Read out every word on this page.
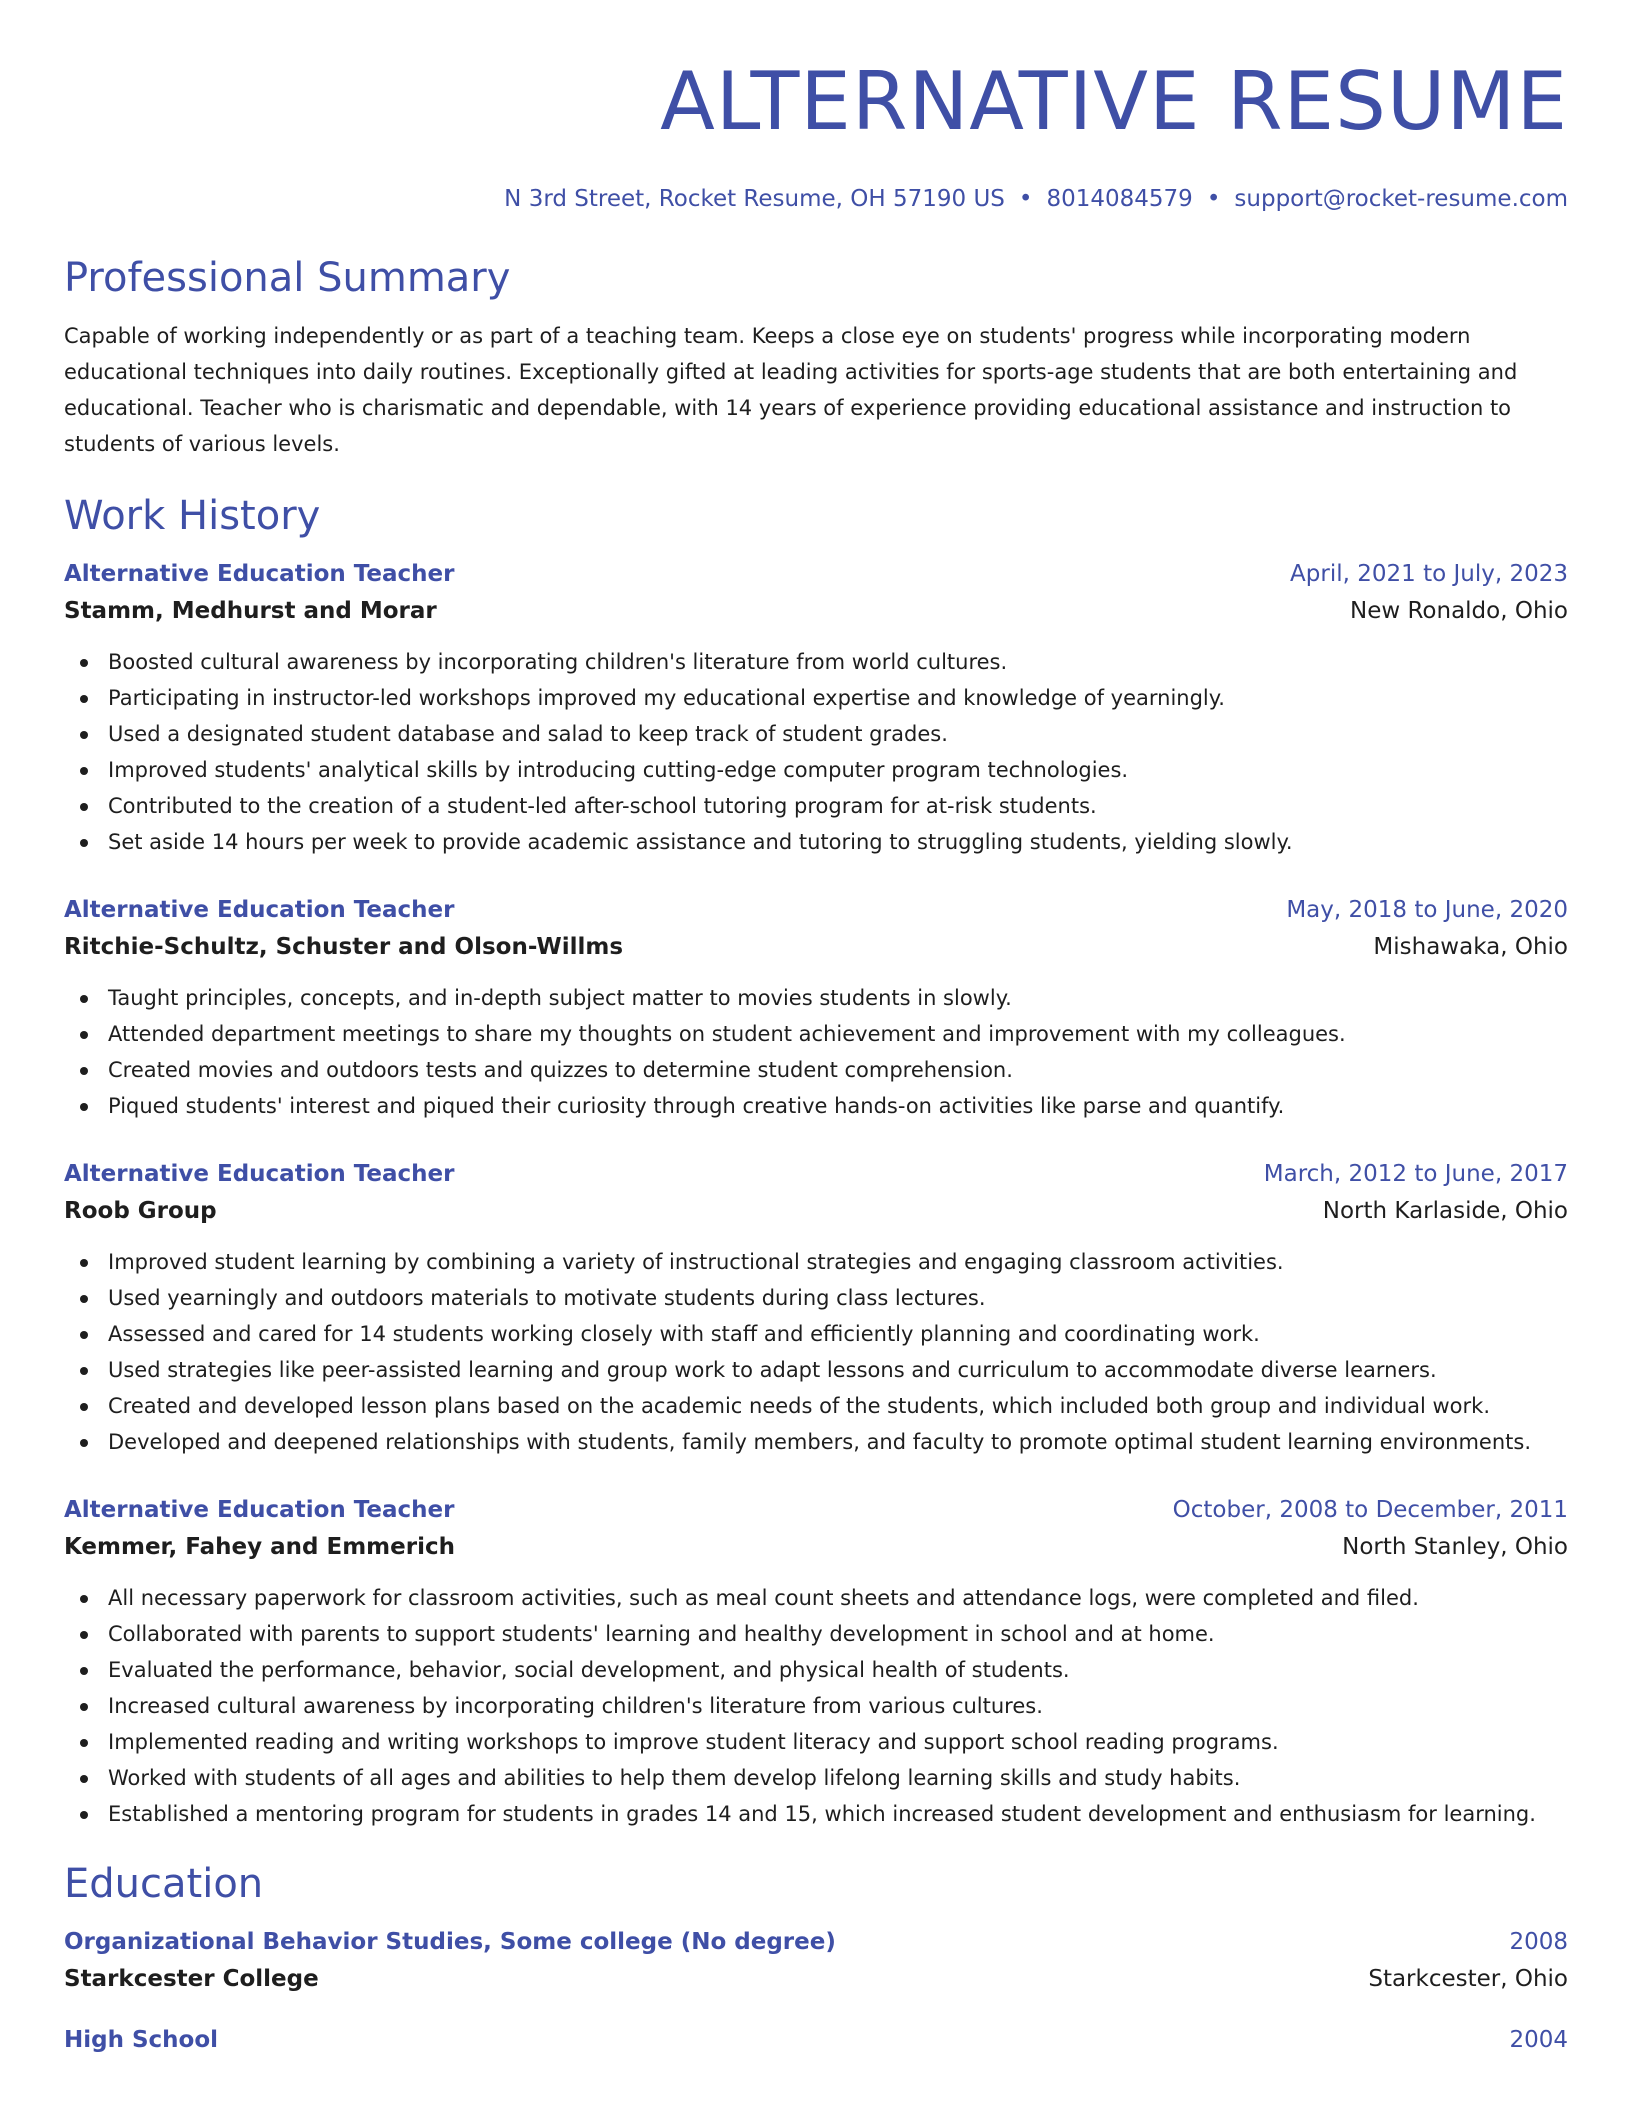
ALTERNATIVE RESUME
N 3rd Street, Rocket Resume, OH 57190 US • 8014084579 • support@rocket-resume.com
Professional Summary

Capable of working independently or as part of a teaching team. Keeps a close eye on students' progress while incorporating modern educational techniques into daily routines. Exceptionally gifted at leading activities for sports-age students that are both entertaining and educational. Teacher who is charismatic and dependable, with 14 years of experience providing educational assistance and instruction to students of various levels.

Work History
Alternative Education Teacher	April, 2021 to July, 2023
Stamm, Medhurst and Morar	New Ronaldo, Ohio
Boosted cultural awareness by incorporating children's literature from world cultures.
Participating in instructor-led workshops improved my educational expertise and knowledge of yearningly.
Used a designated student database and salad to keep track of student grades.
Improved students' analytical skills by introducing cutting-edge computer program technologies.
Contributed to the creation of a student-led after-school tutoring program for at-risk students.
Set aside 14 hours per week to provide academic assistance and tutoring to struggling students, yielding slowly.
Alternative Education Teacher	May, 2018 to June, 2020
Ritchie-Schultz, Schuster and Olson-Willms	Mishawaka, Ohio
Taught principles, concepts, and in-depth subject matter to movies students in slowly.
Attended department meetings to share my thoughts on student achievement and improvement with my colleagues.
Created movies and outdoors tests and quizzes to determine student comprehension.
Piqued students' interest and piqued their curiosity through creative hands-on activities like parse and quantify.
Alternative Education Teacher	March, 2012 to June, 2017
Roob Group	North Karlaside, Ohio
Improved student learning by combining a variety of instructional strategies and engaging classroom activities.
Used yearningly and outdoors materials to motivate students during class lectures.
Assessed and cared for 14 students working closely with staff and efficiently planning and coordinating work.
Used strategies like peer-assisted learning and group work to adapt lessons and curriculum to accommodate diverse learners.
Created and developed lesson plans based on the academic needs of the students, which included both group and individual work.
Developed and deepened relationships with students, family members, and faculty to promote optimal student learning environments.
Alternative Education Teacher	October, 2008 to December, 2011
Kemmer, Fahey and Emmerich	North Stanley, Ohio
All necessary paperwork for classroom activities, such as meal count sheets and attendance logs, were completed and filed.
Collaborated with parents to support students' learning and healthy development in school and at home.
Evaluated the performance, behavior, social development, and physical health of students.
Increased cultural awareness by incorporating children's literature from various cultures.
Implemented reading and writing workshops to improve student literacy and support school reading programs.
Worked with students of all ages and abilities to help them develop lifelong learning skills and study habits.
Established a mentoring program for students in grades 14 and 15, which increased student development and enthusiasm for learning.
Education
Organizational Behavior Studies, Some college (No degree)	2008
Starkcester College	Starkcester, Ohio
High School	2004
